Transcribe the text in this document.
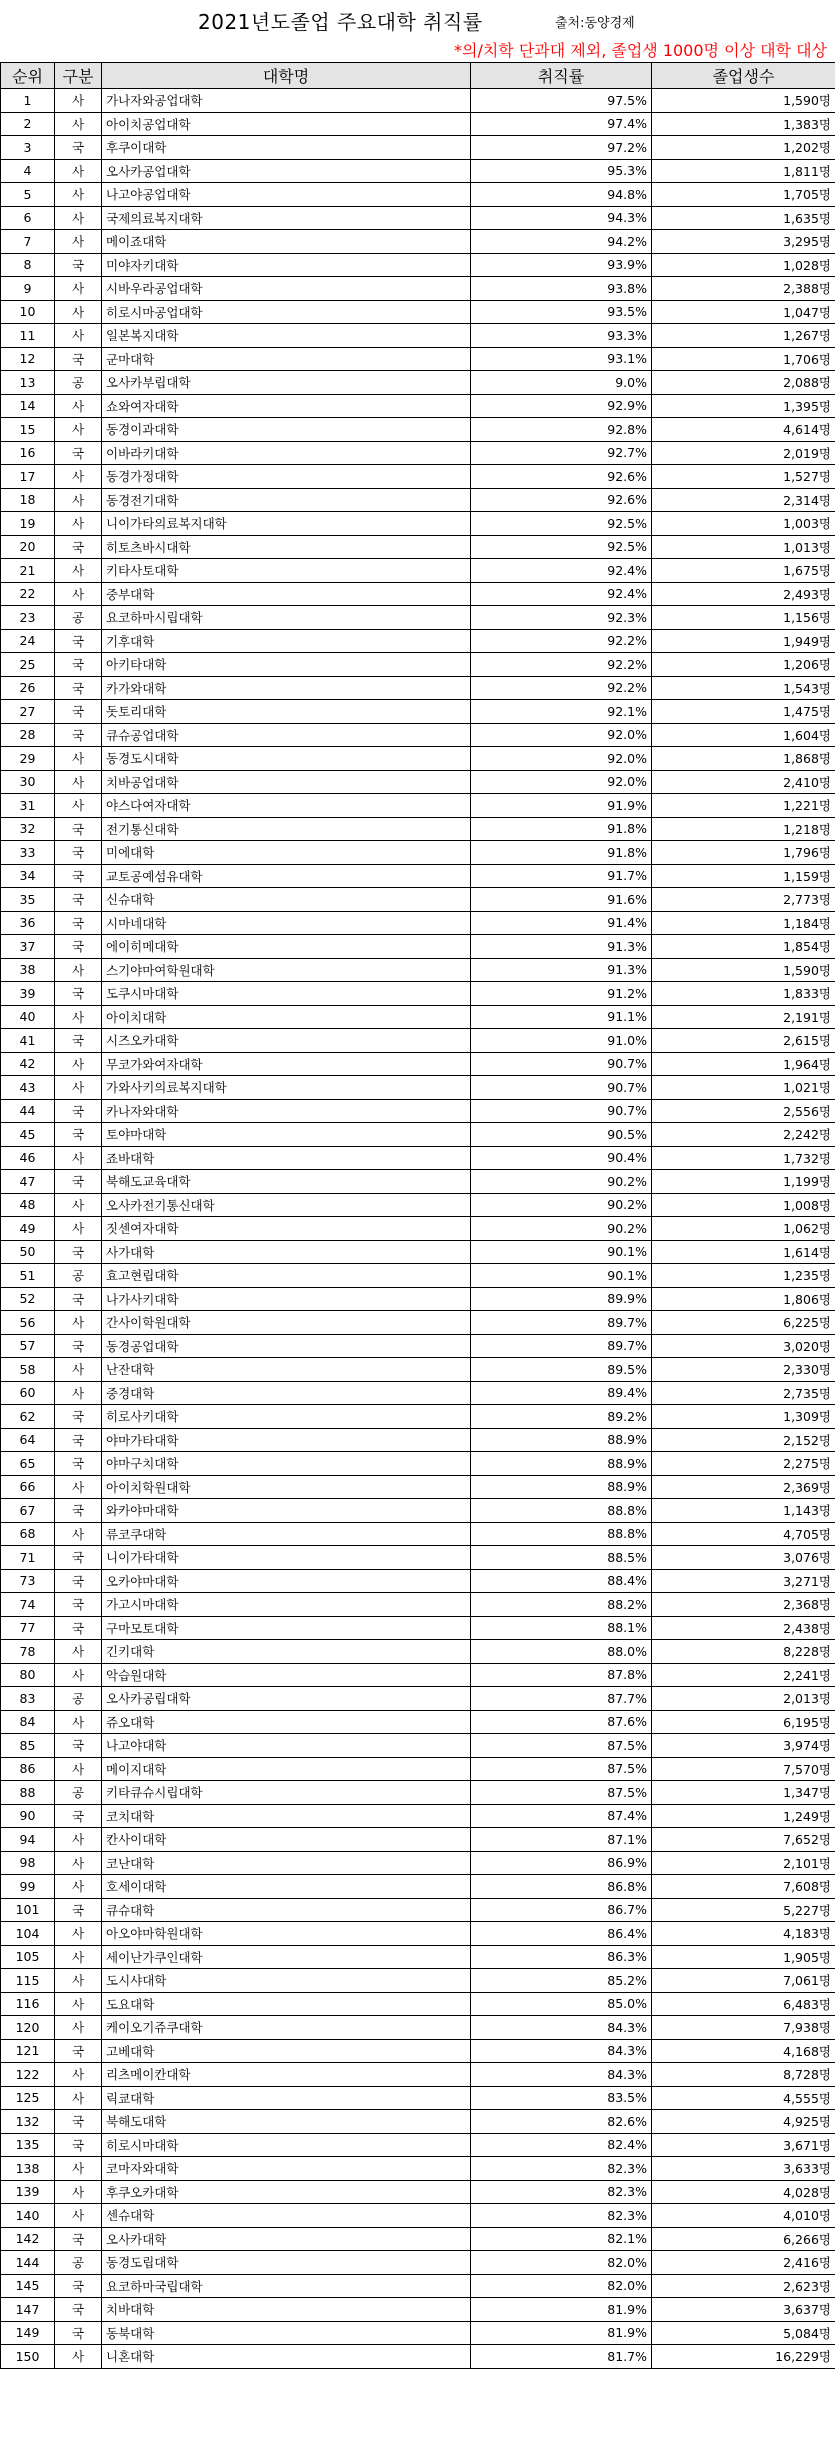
2021년도졸업 주요대학 취직률	출처:동양경제
*의/치학 단과대 제외, 졸업생 1000명 이상 대학 대상
순위	구분	대학명	취직률	졸업생수
1	사	가나자와공업대학	97.5%	1,590명
2	사	아이치공업대학	97.4%	1,383명
3	국	후쿠이대학	97.2%	1,202명
4	사	오사카공업대학	95.3%	1,811명
5	사	나고야공업대학	94.8%	1,705명
6	사	국제의료복지대학	94.3%	1,635명
7	사	메이죠대학	94.2%	3,295명
8	국	미야자키대학	93.9%	1,028명
9	사	시바우라공업대학	93.8%	2,388명
10	사	히로시마공업대학	93.5%	1,047명
11	사	일본복지대학	93.3%	1,267명
12	국	군마대학	93.1%	1,706명
13	공	오사카부립대학	9.0%	2,088명
14	사	쇼와여자대학	92.9%	1,395명
15	사	동경이과대학	92.8%	4,614명
16	국	이바라키대학	92.7%	2,019명
17	사	동경가정대학	92.6%	1,527명
18	사	동경전기대학	92.6%	2,314명
19	사	니이가타의료복지대학	92.5%	1,003명
20	국	히토츠바시대학	92.5%	1,013명
21	사	키타사토대학	92.4%	1,675명
22	사	중부대학	92.4%	2,493명
23	공	요코하마시립대학	92.3%	1,156명
24	국	기후대학	92.2%	1,949명
25	국	아키타대학	92.2%	1,206명
26	국	카가와대학	92.2%	1,543명
27	국	돗토리대학	92.1%	1,475명
28	국	큐슈공업대학	92.0%	1,604명
29	사	동경도시대학	92.0%	1,868명
30	사	치바공업대학	92.0%	2,410명
31	사	야스다여자대학	91.9%	1,221명
32	국	전기통신대학	91.8%	1,218명
33	국	미에대학	91.8%	1,796명
34	국	교토공예섬유대학	91.7%	1,159명
35	국	신슈대학	91.6%	2,773명
36	국	시마네대학	91.4%	1,184명
37	국	에이히메대학	91.3%	1,854명
38	사	스기야마여학원대학	91.3%	1,590명
39	국	도쿠시마대학	91.2%	1,833명
40	사	아이치대학	91.1%	2,191명
41	국	시즈오카대학	91.0%	2,615명
42	사	무코가와여자대학	90.7%	1,964명
43	사	가와사키의료복지대학	90.7%	1,021명
44	국	카나자와대학	90.7%	2,556명
45	국	토야마대학	90.5%	2,242명
46	사	죠바대학	90.4%	1,732명
47	국	북해도교육대학	90.2%	1,199명
48	사	오사카전기통신대학	90.2%	1,008명
49	사	짓센여자대학	90.2%	1,062명
50	국	사가대학	90.1%	1,614명
51	공	효고현립대학	90.1%	1,235명
52	국	나가사키대학	89.9%	1,806명
56	사	간사이학원대학	89.7%	6,225명
57	국	동경공업대학	89.7%	3,020명
58	사	난잔대학	89.5%	2,330명
60	사	중경대학	89.4%	2,735명
62	국	히로사키대학	89.2%	1,309명
64	국	야마가타대학	88.9%	2,152명
65	국	야마구치대학	88.9%	2,275명
66	사	아이치학원대학	88.9%	2,369명
67	국	와카야마대학	88.8%	1,143명
68	사	류코쿠대학	88.8%	4,705명
71	국	니이가타대학	88.5%	3,076명
73	국	오카야마대학	88.4%	3,271명
74	국	가고시마대학	88.2%	2,368명
77	국	구마모토대학	88.1%	2,438명
78	사	긴키대학	88.0%	8,228명
80	사	악습원대학	87.8%	2,241명
83	공	오사카공립대학	87.7%	2,013명
84	사	쥬오대학	87.6%	6,195명
85	국	나고야대학	87.5%	3,974명
86	사	메이지대학	87.5%	7,570명
88	공	키타큐슈시립대학	87.5%	1,347명
90	국	코치대학	87.4%	1,249명
94	사	칸사이대학	87.1%	7,652명
98	사	코난대학	86.9%	2,101명
99	사	호세이대학	86.8%	7,608명
101	국	큐슈대학	86.7%	5,227명
104	사	아오야마학원대학	86.4%	4,183명
105	사	세이난가쿠인대학	86.3%	1,905명
115	사	도시샤대학	85.2%	7,061명
116	사	도요대학	85.0%	6,483명
120	사	케이오기쥬쿠대학	84.3%	7,938명
121	국	고베대학	84.3%	4,168명
122	사	리츠메이칸대학	84.3%	8,728명
125	사	릭쿄대학	83.5%	4,555명
132	국	북해도대학	82.6%	4,925명
135	국	히로시마대학	82.4%	3,671명
138	사	코마자와대학	82.3%	3,633명
139	사	후쿠오카대학	82.3%	4,028명
140	사	센슈대학	82.3%	4,010명
142	국	오사카대학	82.1%	6,266명
144	공	동경도립대학	82.0%	2,416명
145	국	요코하마국립대학	82.0%	2,623명
147	국	치바대학	81.9%	3,637명
149	국	동북대학	81.9%	5,084명
150	사	니혼대학	81.7%	16,229명
